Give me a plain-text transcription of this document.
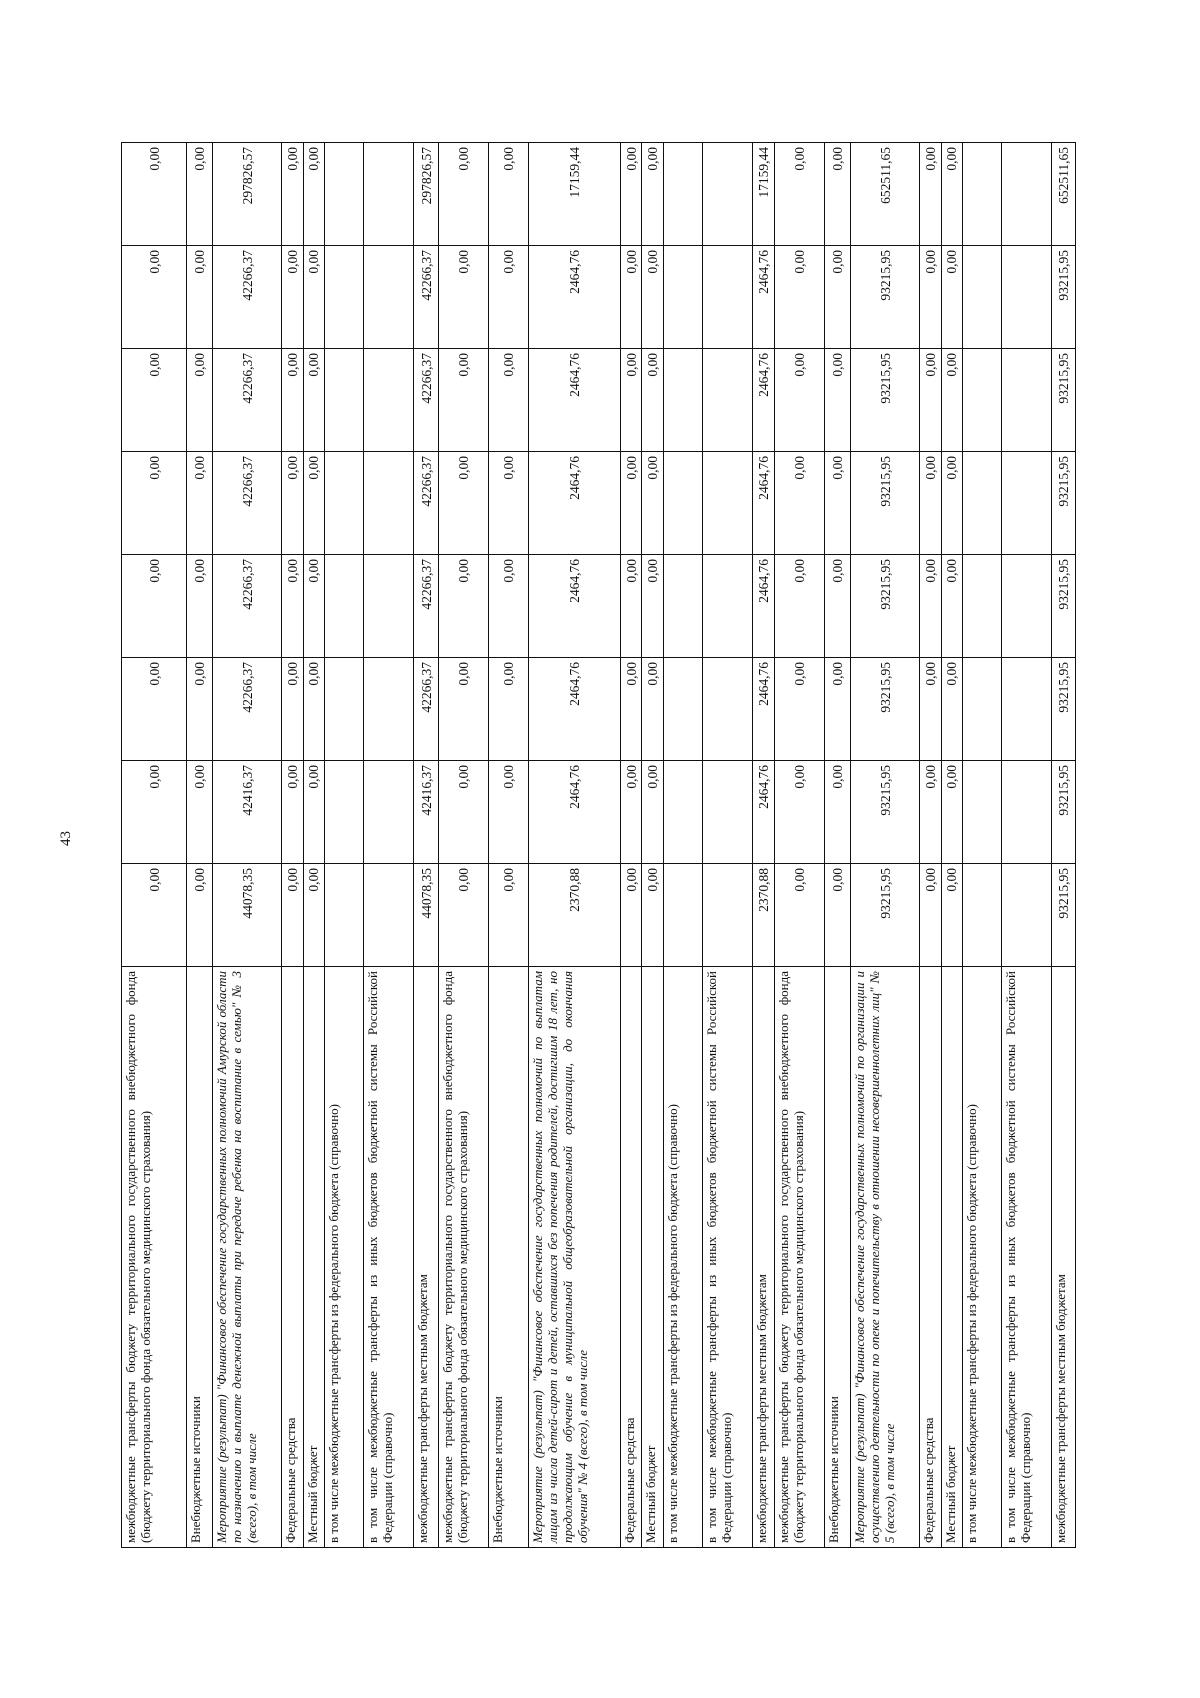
43
межбюджетные трансферты бюджету территориального государственного внебюджетного фонда (бюджету территориального фонда обязательного медицинского страхования)	0,00	0,00	0,00	0,00	0,00	0,00	0,00	0,00
Внебюджетные источники	0,00	0,00	0,00	0,00	0,00	0,00	0,00	0,00
Мероприятие (результат) "Финансовое обеспечение государственных полномочий Амурской области по назначению и выплате денежной выплаты при передаче ребенка на воспитание в семью" № 3 (всего), в том числе	44078,35	42416,37	42266,37	42266,37	42266,37	42266,37	42266,37	297826,57
Федеральные средства	0,00	0,00	0,00	0,00	0,00	0,00	0,00	0,00
Местный бюджет	0,00	0,00	0,00	0,00	0,00	0,00	0,00	0,00
в том числе межбюджетные трансферты из федерального бюджета (справочно)								
в том числе межбюджетные трансферты из иных бюджетов бюджетной системы Российской Федерации (справочно)								
межбюджетные трансферты местным бюджетам	44078,35	42416,37	42266,37	42266,37	42266,37	42266,37	42266,37	297826,57
межбюджетные трансферты бюджету территориального государственного внебюджетного фонда (бюджету территориального фонда обязательного медицинского страхования)	0,00	0,00	0,00	0,00	0,00	0,00	0,00	0,00
Внебюджетные источники	0,00	0,00	0,00	0,00	0,00	0,00	0,00	0,00
Мероприятие (результат) "Финансовое обеспечение государственных полномочий по выплатам лицам из числа детей-сирот и детей, оставшихся без попечения родителей, достигшим 18 лет, но продолжающим обучение в муниципальной общеобразовательной организации, до окончания обучения" № 4 (всего), в том числе	2370,88	2464,76	2464,76	2464,76	2464,76	2464,76	2464,76	17159,44
Федеральные средства	0,00	0,00	0,00	0,00	0,00	0,00	0,00	0,00
Местный бюджет	0,00	0,00	0,00	0,00	0,00	0,00	0,00	0,00
в том числе межбюджетные трансферты из федерального бюджета (справочно)								
в том числе межбюджетные трансферты из иных бюджетов бюджетной системы Российской Федерации (справочно)								
межбюджетные трансферты местным бюджетам	2370,88	2464,76	2464,76	2464,76	2464,76	2464,76	2464,76	17159,44
межбюджетные трансферты бюджету территориального государственного внебюджетного фонда (бюджету территориального фонда обязательного медицинского страхования)	0,00	0,00	0,00	0,00	0,00	0,00	0,00	0,00
Внебюджетные источники	0,00	0,00	0,00	0,00	0,00	0,00	0,00	0,00
Мероприятие (результат) "Финансовое обеспечение государственных полномочий по организации и осуществлению деятельности по опеке и попечительству в отношении несовершеннолетних лиц" № 5 (всего), в том числе	93215,95	93215,95	93215,95	93215,95	93215,95	93215,95	93215,95	652511,65
Федеральные средства	0,00	0,00	0,00	0,00	0,00	0,00	0,00	0,00
Местный бюджет	0,00	0,00	0,00	0,00	0,00	0,00	0,00	0,00
в том числе межбюджетные трансферты из федерального бюджета (справочно)								
в том числе межбюджетные трансферты из иных бюджетов бюджетной системы Российской Федерации (справочно)								
межбюджетные трансферты местным бюджетам	93215,95	93215,95	93215,95	93215,95	93215,95	93215,95	93215,95	652511,65
